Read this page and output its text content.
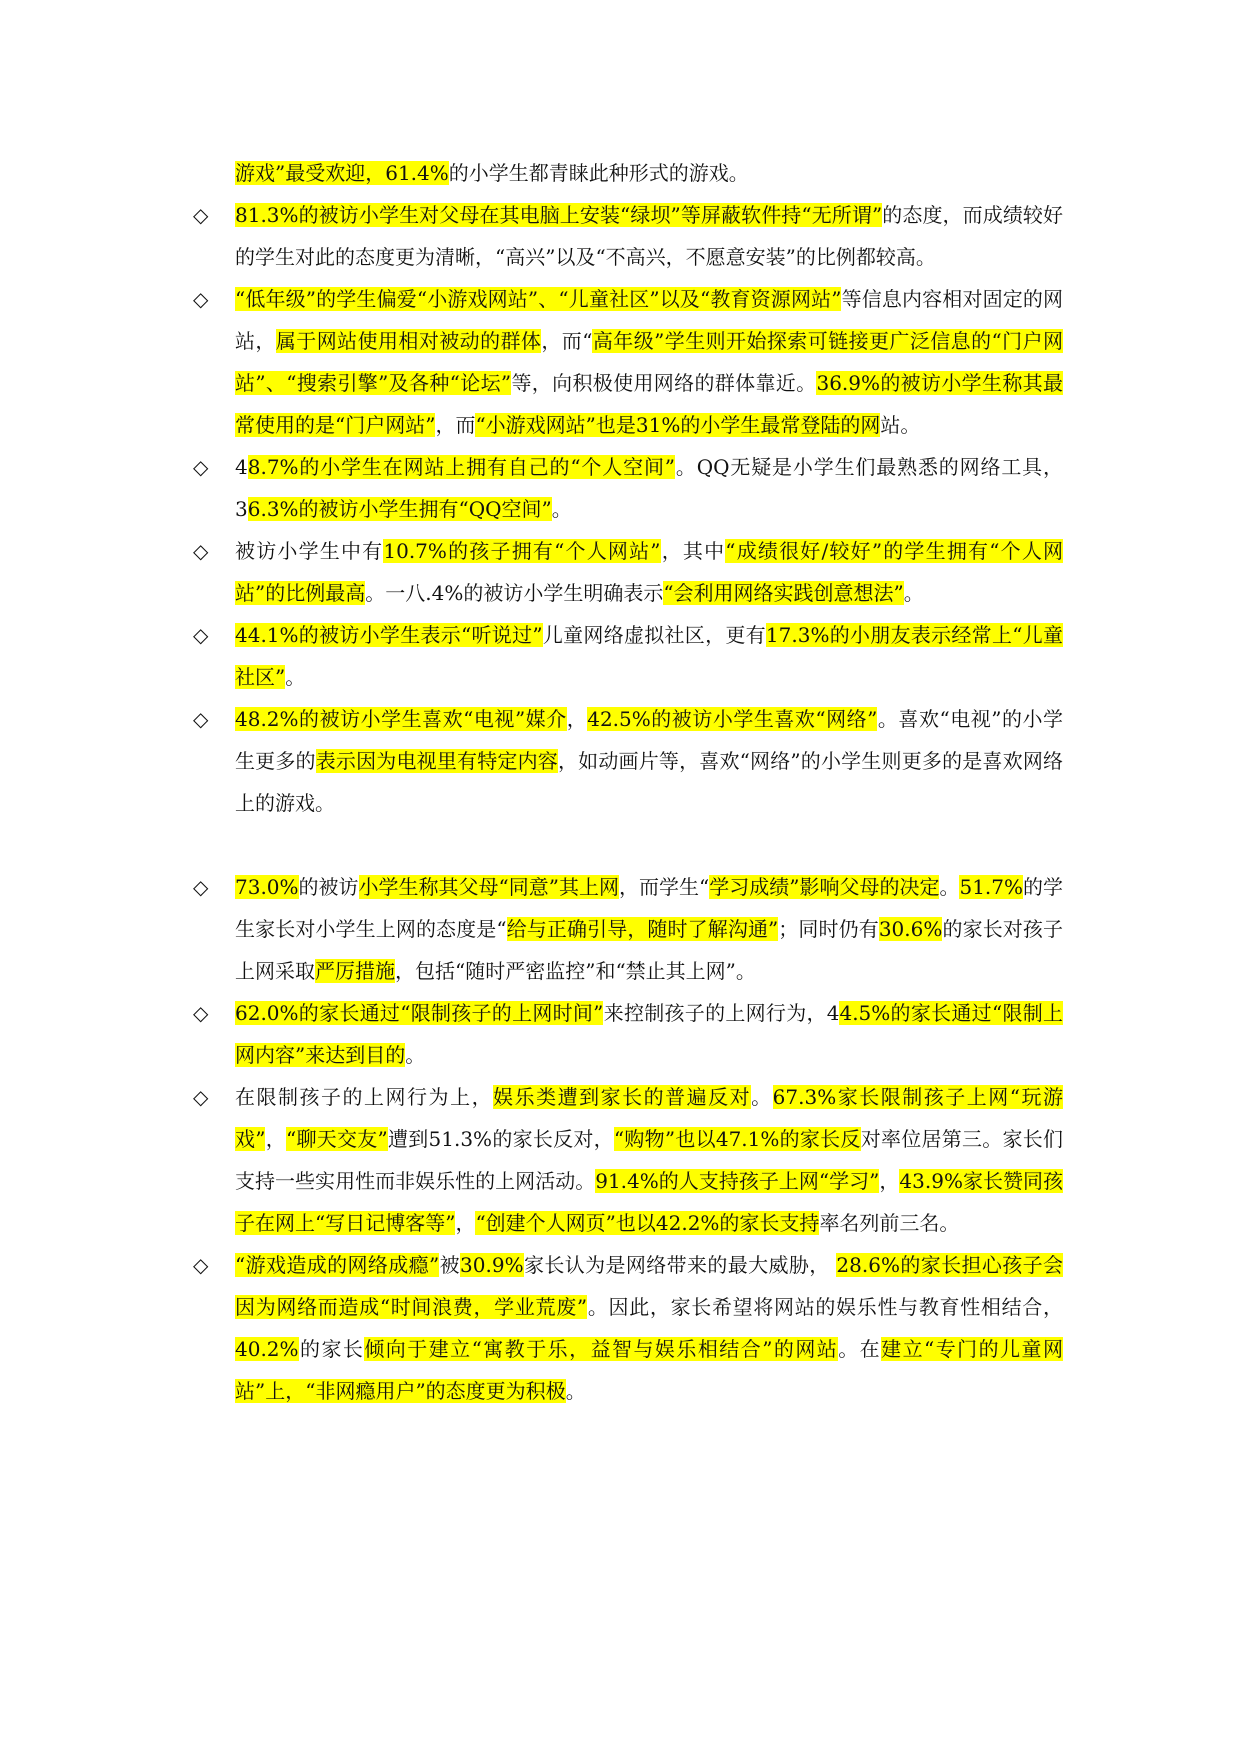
游戏”最受欢迎，61.4%的小学生都青睐此种形式的游戏。

◇	81.3%的被访小学生对父母在其电脑上安装“绿坝”等屏蔽软件持“无所谓”的态度，而成绩较好的学生对此的态度更为清晰，“高兴”以及“不高兴，不愿意安装”的比例都较高。

◇	“低年级”的学生偏爱“小游戏网站”、“儿童社区”以及“教育资源网站”等信息内容相对固定的网站，属于网站使用相对被动的群体，而“高年级”学生则开始探索可链接更广泛信息的“门户网站”、“搜索引擎”及各种“论坛”等，向积极使用网络的群体靠近。36.9%的被访小学生称其最常使用的是“门户网站”，而“小游戏网站”也是31%的小学生最常登陆的网站。

◇	48.7%的小学生在网站上拥有自己的“个人空间”。QQ无疑是小学生们最熟悉的网络工具， 36.3%的被访小学生拥有“QQ空间”。

◇	被访小学生中有10.7%的孩子拥有“个人网站”，其中“成绩很好/较好”的学生拥有“个人网站”的比例最高。一八.4%的被访小学生明确表示“会利用网络实践创意想法”。

◇	44.1%的被访小学生表示“听说过”儿童网络虚拟社区，更有17.3%的小朋友表示经常上“儿童社区”。

◇	48.2%的被访小学生喜欢“电视”媒介，42.5%的被访小学生喜欢“网络”。喜欢“电视”的小学生更多的表示因为电视里有特定内容，如动画片等，喜欢“网络”的小学生则更多的是喜欢网络上的游戏。

◇	73.0%的被访小学生称其父母“同意”其上网，而学生“学习成绩”影响父母的决定。51.7%的学生家长对小学生上网的态度是“给与正确引导，随时了解沟通”；同时仍有30.6%的家长对孩子上网采取严厉措施，包括“随时严密监控”和“禁止其上网”。

◇	62.0%的家长通过“限制孩子的上网时间”来控制孩子的上网行为，44.5%的家长通过“限制上网内容”来达到目的。

◇	在限制孩子的上网行为上，娱乐类遭到家长的普遍反对。67.3%家长限制孩子上网“玩游戏”，“聊天交友”遭到51.3%的家长反对，“购物”也以47.1%的家长反对率位居第三。家长们支持一些实用性而非娱乐性的上网活动。91.4%的人支持孩子上网“学习”，43.9%家长赞同孩子在网上“写日记博客等”，“创建个人网页”也以42.2%的家长支持率名列前三名。

◇	“游戏造成的网络成瘾”被30.9%家长认为是网络带来的最大威胁， 28.6%的家长担心孩子会因为网络而造成“时间浪费，学业荒废”。因此，家长希望将网站的娱乐性与教育性相结合，40.2%的家长倾向于建立“寓教于乐，益智与娱乐相结合”的网站。在建立“专门的儿童网站”上，“非网瘾用户”的态度更为积极。
